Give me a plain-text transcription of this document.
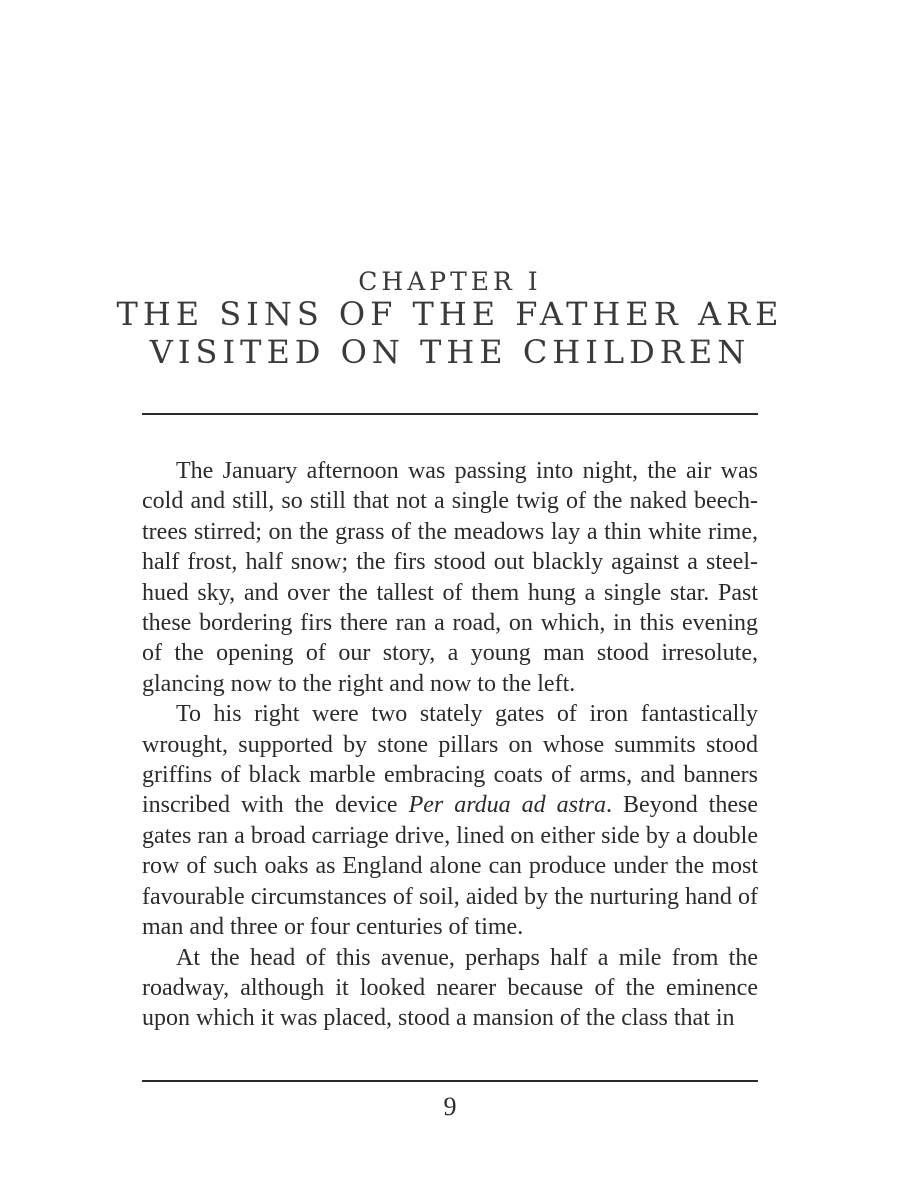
CHAPTER I
THE SINS OF THE FATHER ARE
VISITED ON THE CHILDREN

The January afternoon was passing into night, the air was cold and still, so still that not a single twig of the naked beechtrees stirred; on the grass of the meadows lay a thin white rime, half frost, half snow; the firs stood out blackly against a steelhued sky, and over the tallest of them hung a single star. Past these bordering firs there ran a road, on which, in this evening of the opening of our story, a young man stood irresolute, glancing now to the right and now to the left.

To his right were two stately gates of iron fantastically wrought, supported by stone pillars on whose summits stood griffins of black marble embracing coats of arms, and banners inscribed with the device Per ardua ad astra. Beyond these gates ran a broad carriage drive, lined on either side by a double row of such oaks as England alone can produce under the most favourable circumstances of soil, aided by the nurturing hand of man and three or four centuries of time.

At the head of this avenue, perhaps half a mile from the roadway, although it looked nearer because of the eminence upon which it was placed, stood a mansion of the class that in

9
